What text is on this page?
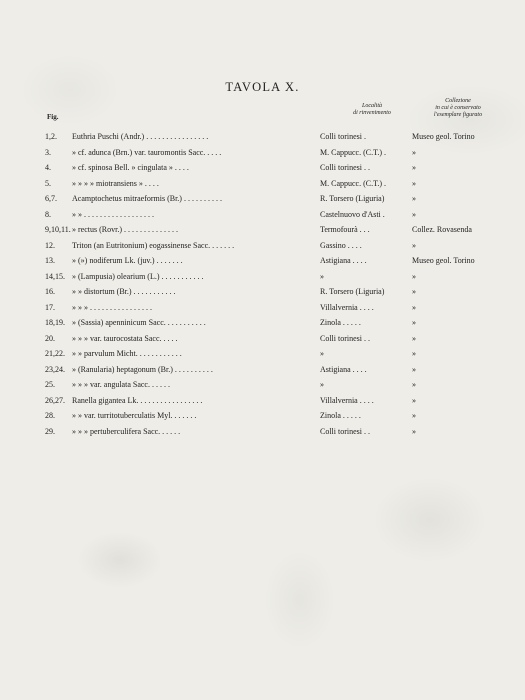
TAVOLA X.
Fig.
Località
di rinvenimento
Collezione
in cui è conservato
l'esemplare figurato
1,2. Euthria Puschi (Andr.) . . . . . . . . . . . . . . . .	Colli torinesi .	Museo geol. Torino
3.	» cf. adunca (Brn.) var. tauromontis Sacc. . . . .	M. Cappucc. (C.T.) .	»
4.	» cf. spinosa Bell. » cingulata » . . . .	Colli torinesi . .	»
5.	» » » » miotransiens » . . . .	M. Cappucc. (C.T.) .	»
6,7. Acamptochetus mitraeformis (Br.) . . . . . . . . . .	R. Torsero (Liguria)	»
8.	» » . . . . . . . . . . . . . . . . . .	Castelnuovo d'Asti .	»
9,10,11. » rectus (Rovr.) . . . . . . . . . . . . . .	Termofourà . . .	Collez. Rovasenda
12. Triton (an Eutritonium) eogassinense Sacc. . . . . . .	Gassino . . . .	»
13. » (») nodiferum Lk. (juv.) . . . . . . .	Astigiana . . . .	Museo geol. Torino
14,15. » (Lampusia) olearium (L.) . . . . . . . . . . .	»	»
16. » » distortum (Br.) . . . . . . . . . . .	R. Torsero (Liguria)	»
17. » » » . . . . . . . . . . . . . . . .	Villalvernia . . . .	»
18,19. » (Sassia) apenninicum Sacc. . . . . . . . . . .	Zinola . . . . .	»
20. » » » var. taurocostata Sacc. . . . .	Colli torinesi . .	»
21,22. » » parvulum Micht. . . . . . . . . . . .	»	»
23,24. » (Ranularia) heptagonum (Br.) . . . . . . . . . .	Astigiana . . . .	»
25. » » » var. angulata Sacc. . . . . .	»	»
26,27. Ranella gigantea Lk. . . . . . . . . . . . . . . . .	Villalvernia . . . .	»
28. » » var. turritotuberculatis Myl. . . . . . .	Zinola . . . . .	»
29. » » » pertuberculifera Sacc. . . . . .	Colli torinesi . .	»
